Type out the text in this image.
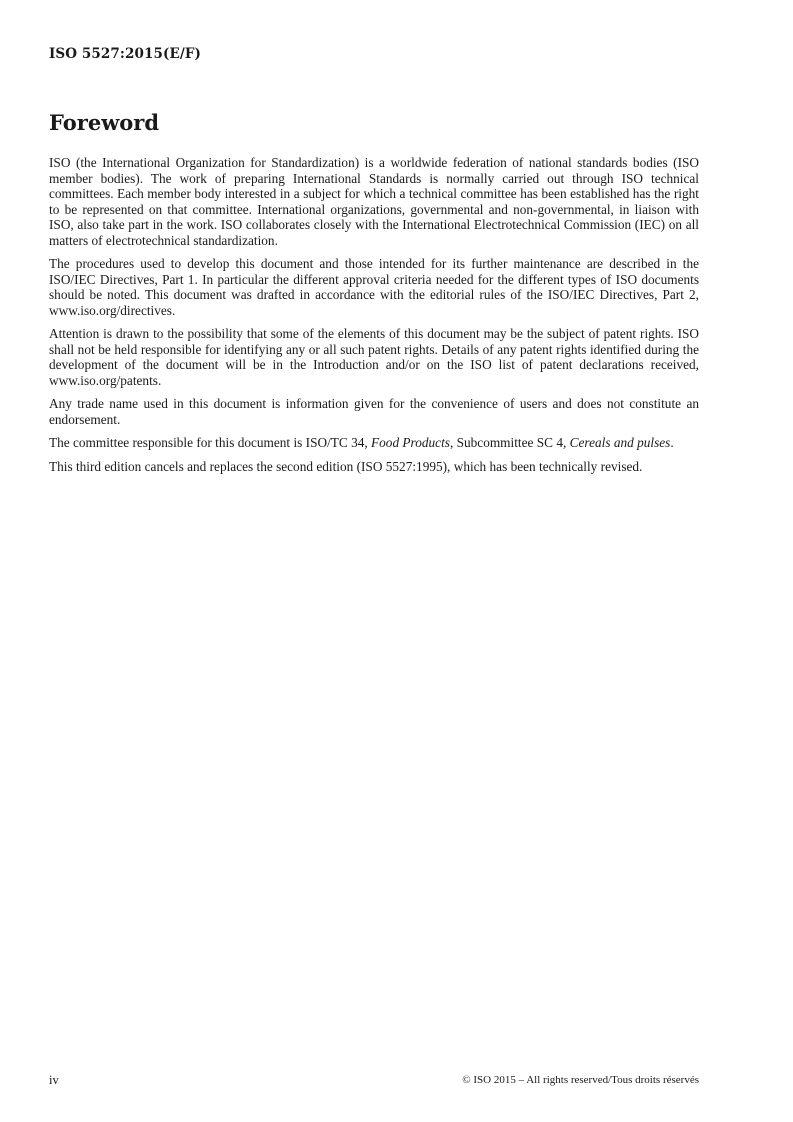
ISO 5527:2015(E/F)
Foreword

ISO (the International Organization for Standardization) is a worldwide federation of national standards bodies (ISO member bodies). The work of preparing International Standards is normally carried out through ISO technical committees. Each member body interested in a subject for which a technical committee has been established has the right to be represented on that committee. International organizations, governmental and non-governmental, in liaison with ISO, also take part in the work. ISO collaborates closely with the International Electrotechnical Commission (IEC) on all matters of electrotechnical standardization.

The procedures used to develop this document and those intended for its further maintenance are described in the ISO/IEC Directives, Part 1. In particular the different approval criteria needed for the different types of ISO documents should be noted. This document was drafted in accordance with the editorial rules of the ISO/IEC Directives, Part 2, www.iso.org/directives.

Attention is drawn to the possibility that some of the elements of this document may be the subject of patent rights. ISO shall not be held responsible for identifying any or all such patent rights. Details of any patent rights identified during the development of the document will be in the Introduction and/or on the ISO list of patent declarations received, www.iso.org/patents.

Any trade name used in this document is information given for the convenience of users and does not constitute an endorsement.

The committee responsible for this document is ISO/TC 34, Food Products, Subcommittee SC 4, Cereals and pulses.

This third edition cancels and replaces the second edition (ISO 5527:1995), which has been technically revised.

iv	© ISO 2015 – All rights reserved/Tous droits réservés
